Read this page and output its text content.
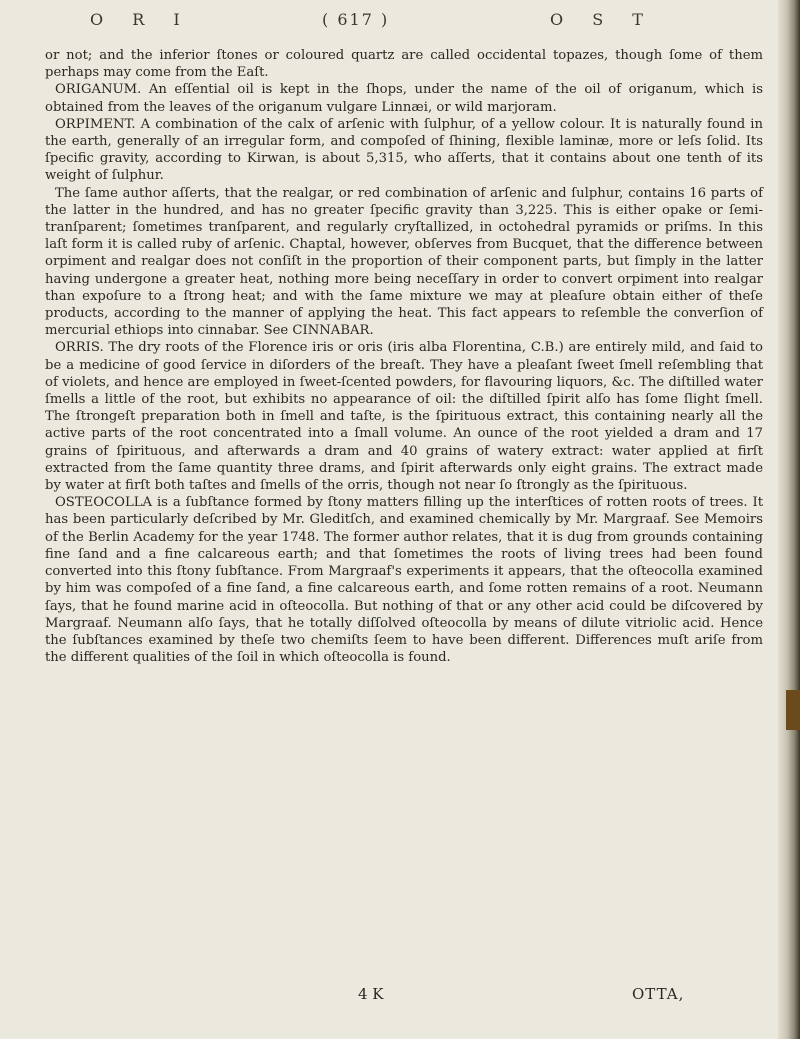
O R I	( 617 )	O S T

or not; and the inferior ſtones or coloured quartz are called occidental topazes, though ſome of them perhaps may come from the Eaſt.

ORIGANUM. An eſſential oil is kept in the ſhops, under the name of the oil of origanum, which is obtained from the leaves of the origanum vulgare Linnæi, or wild marjoram.

ORPIMENT. A combination of the calx of arſenic with ſulphur, of a yellow colour. It is naturally found in the earth, generally of an irregular form, and compoſed of ſhining, flexible laminæ, more or leſs ſolid. Its ſpecific gravity, according to Kirwan, is about 5,315, who aſſerts, that it contains about one tenth of its weight of ſulphur.

The ſame author aſſerts, that the realgar, or red combination of arſenic and ſulphur, contains 16 parts of the latter in the hundred, and has no greater ſpecific gravity than 3,225. This is either opake or ſemi-tranſparent; ſometimes tranſparent, and regularly cryſtallized, in octohedral pyramids or priſms. In this laſt form it is called ruby of arſenic. Chaptal, however, obſerves from Bucquet, that the difference between orpiment and realgar does not conſiſt in the proportion of their component parts, but ſimply in the latter having undergone a greater heat, nothing more being neceſſary in order to convert orpiment into realgar than expoſure to a ſtrong heat; and with the ſame mixture we may at pleaſure obtain either of theſe products, according to the manner of applying the heat. This fact appears to reſemble the converſion of mercurial ethiops into cinnabar. See CINNABAR.

ORRIS. The dry roots of the Florence iris or oris (iris alba Florentina, C.B.) are entirely mild, and ſaid to be a medicine of good ſervice in diſorders of the breaſt. They have a pleaſant ſweet ſmell reſembling that of violets, and hence are employed in ſweet-ſcented powders, for flavouring liquors, &c. The diſtilled water ſmells a little of the root, but exhibits no appearance of oil: the diſtilled ſpirit alſo has ſome ſlight ſmell. The ſtrongeſt preparation both in ſmell and taſte, is the ſpirituous extract, this containing nearly all the active parts of the root concentrated into a ſmall volume. An ounce of the root yielded a dram and 17 grains of ſpirituous, and afterwards a dram and 40 grains of watery extract: water applied at firſt extracted from the ſame quantity three drams, and ſpirit afterwards only eight grains. The extract made by water at firſt both taſtes and ſmells of the orris, though not near ſo ſtrongly as the ſpirituous.

OSTEOCOLLA is a ſubſtance formed by ſtony matters filling up the interſtices of rotten roots of trees. It has been particularly deſcribed by Mr. Gleditſch, and examined chemically by Mr. Margraaf. See Memoirs of the Berlin Academy for the year 1748. The former author relates, that it is dug from grounds containing fine ſand and a fine calcareous earth; and that ſometimes the roots of living trees had been found converted into this ſtony ſubſtance. From Margraaf's experiments it appears, that the oſteocolla examined by him was compoſed of a fine ſand, a fine calcareous earth, and ſome rotten remains of a root. Neumann ſays, that he found marine acid in oſteocolla. But nothing of that or any other acid could be diſcovered by Margraaf. Neumann alſo ſays, that he totally diſſolved oſteocolla by means of dilute vitriolic acid. Hence the ſubſtances examined by theſe two chemiſts ſeem to have been different. Differences muſt ariſe from the different qualities of the ſoil in which oſteocolla is found.

4 K	OTTA,
